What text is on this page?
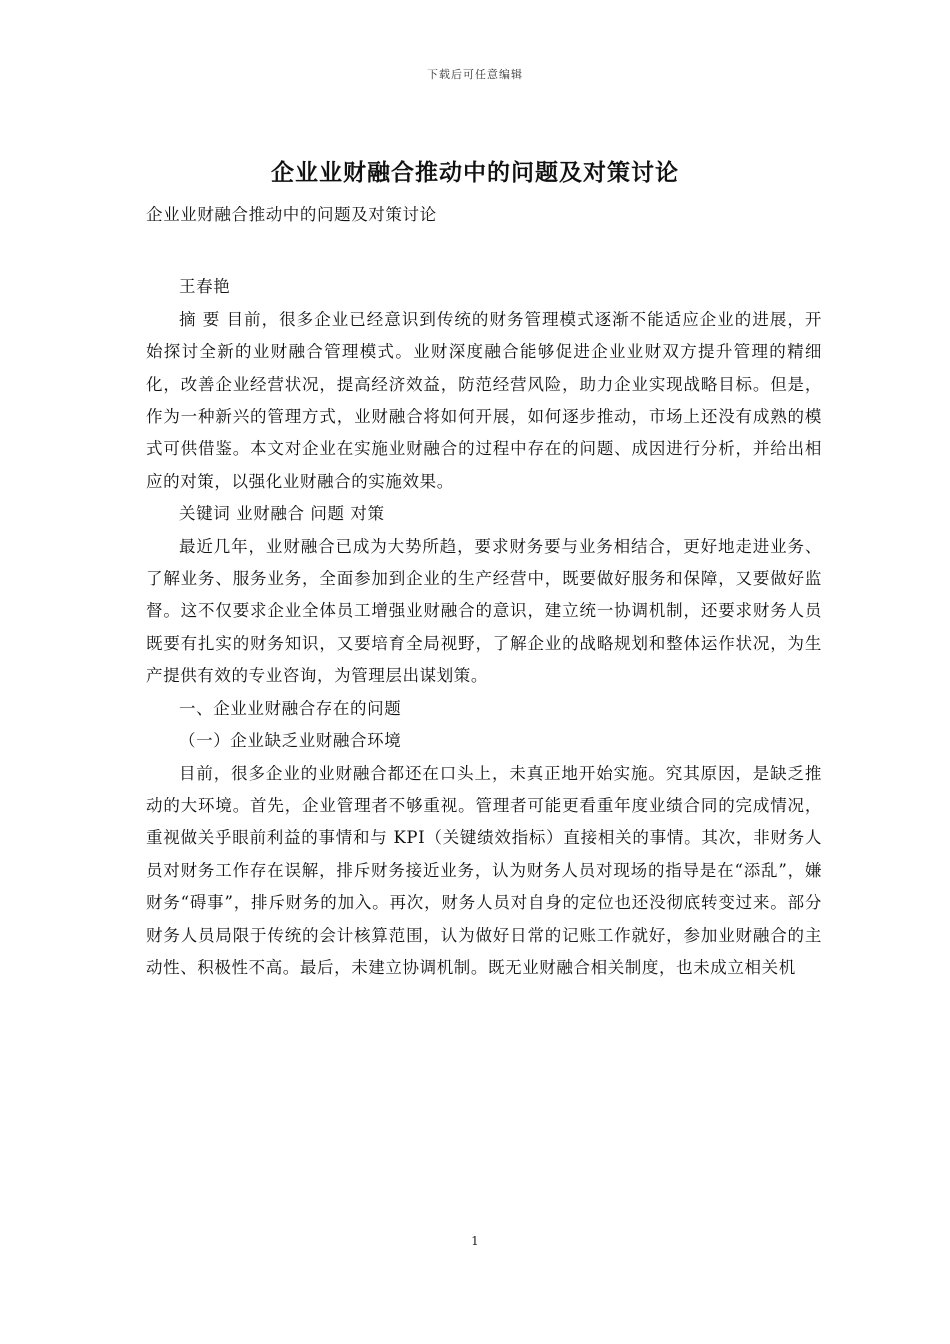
下载后可任意编辑
企业业财融合推动中的问题及对策讨论

企业业财融合推动中的问题及对策讨论

王春艳

摘 要 目前，很多企业已经意识到传统的财务管理模式逐渐不能适应企业的进展，开始探讨全新的业财融合管理模式。业财深度融合能够促进企业业财双方提升管理的精细化，改善企业经营状况，提高经济效益，防范经营风险，助力企业实现战略目标。但是，作为一种新兴的管理方式，业财融合将如何开展，如何逐步推动，市场上还没有成熟的模式可供借鉴。本文对企业在实施业财融合的过程中存在的问题、成因进行分析，并给出相应的对策，以强化业财融合的实施效果。

关键词 业财融合 问题 对策

最近几年，业财融合已成为大势所趋，要求财务要与业务相结合，更好地走进业务、了解业务、服务业务，全面参加到企业的生产经营中，既要做好服务和保障，又要做好监督。这不仅要求企业全体员工增强业财融合的意识，建立统一协调机制，还要求财务人员既要有扎实的财务知识，又要培育全局视野，了解企业的战略规划和整体运作状况，为生产提供有效的专业咨询，为管理层出谋划策。

一、企业业财融合存在的问题

（一）企业缺乏业财融合环境

目前，很多企业的业财融合都还在口头上，未真正地开始实施。究其原因，是缺乏推动的大环境。首先，企业管理者不够重视。管理者可能更看重年度业绩合同的完成情况，重视做关乎眼前利益的事情和与 KPI（关键绩效指标）直接相关的事情。其次，非财务人员对财务工作存在误解，排斥财务接近业务，认为财务人员对现场的指导是在“添乱”，嫌财务“碍事”，排斥财务的加入。再次，财务人员对自身的定位也还没彻底转变过来。部分财务人员局限于传统的会计核算范围，认为做好日常的记账工作就好，参加业财融合的主动性、积极性不高。最后，未建立协调机制。既无业财融合相关制度，也未成立相关机

1
